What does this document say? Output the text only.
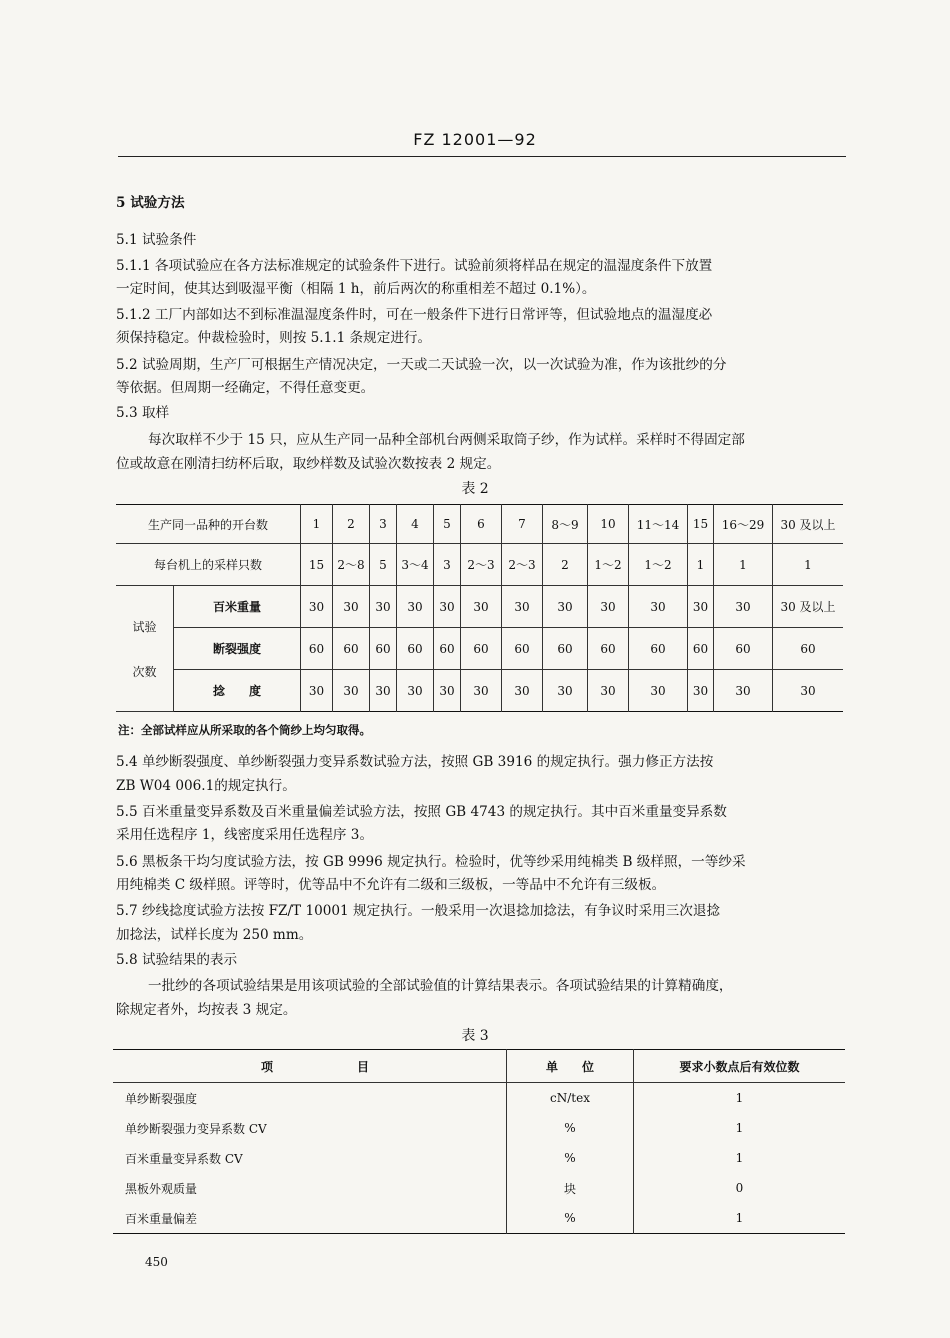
FZ 12001—92
5 试验方法
5.1 试验条件
5.1.1 各项试验应在各方法标准规定的试验条件下进行。试验前须将样品在规定的温湿度条件下放置
一定时间，使其达到吸湿平衡（相隔 1 h，前后两次的称重相差不超过 0.1%）。
5.1.2 工厂内部如达不到标准温湿度条件时，可在一般条件下进行日常评等，但试验地点的温湿度必
须保持稳定。仲裁检验时，则按 5.1.1 条规定进行。
5.2 试验周期，生产厂可根据生产情况决定，一天或二天试验一次，以一次试验为准，作为该批纱的分
等依据。但周期一经确定，不得任意变更。
5.3 取样
每次取样不少于 15 只，应从生产同一品种全部机台两侧采取筒子纱，作为试样。采样时不得固定部
位或故意在刚清扫纺杯后取，取纱样数及试验次数按表 2 规定。
表 2
生产同一品种的开台数		1	2	3	4	5	6	7	8～9	10	11～14	15	16～29	30 及以上
每台机上的采样只数		15	2～8	5	3～4	3	2～3	2～3	2	1～2	1～2	1	1	1

试验
次数	百米重量	30	30	30	30	30	30	30	30	30	30	30	30	30 及以上
	断裂强度	60	60	60	60	60	60	60	60	60	60	60	60	60
	捻　　度	30	30	30	30	30	30	30	30	30	30	30	30	30
注：全部试样应从所采取的各个筒纱上均匀取得。
5.4 单纱断裂强度、单纱断裂强力变异系数试验方法，按照 GB 3916 的规定执行。强力修正方法按
ZB W04 006.1的规定执行。
5.5 百米重量变异系数及百米重量偏差试验方法，按照 GB 4743 的规定执行。其中百米重量变异系数
采用任选程序 1，线密度采用任选程序 3。
5.6 黑板条干均匀度试验方法，按 GB 9996 规定执行。检验时，优等纱采用纯棉类 B 级样照，一等纱采
用纯棉类 C 级样照。评等时，优等品中不允许有二级和三级板，一等品中不允许有三级板。
5.7 纱线捻度试验方法按 FZ/T 10001 规定执行。一般采用一次退捻加捻法，有争议时采用三次退捻
加捻法，试样长度为 250 mm。
5.8 试验结果的表示
一批纱的各项试验结果是用该项试验的全部试验值的计算结果表示。各项试验结果的计算精确度，
除规定者外，均按表 3 规定。
表 3
项　　　　　　　目	单　　位	要求小数点后有效位数
单纱断裂强度	cN/tex	1
单纱断裂强力变异系数 CV	%	1
百米重量变异系数 CV	%	1
黑板外观质量	块	0
百米重量偏差	%	1
450
